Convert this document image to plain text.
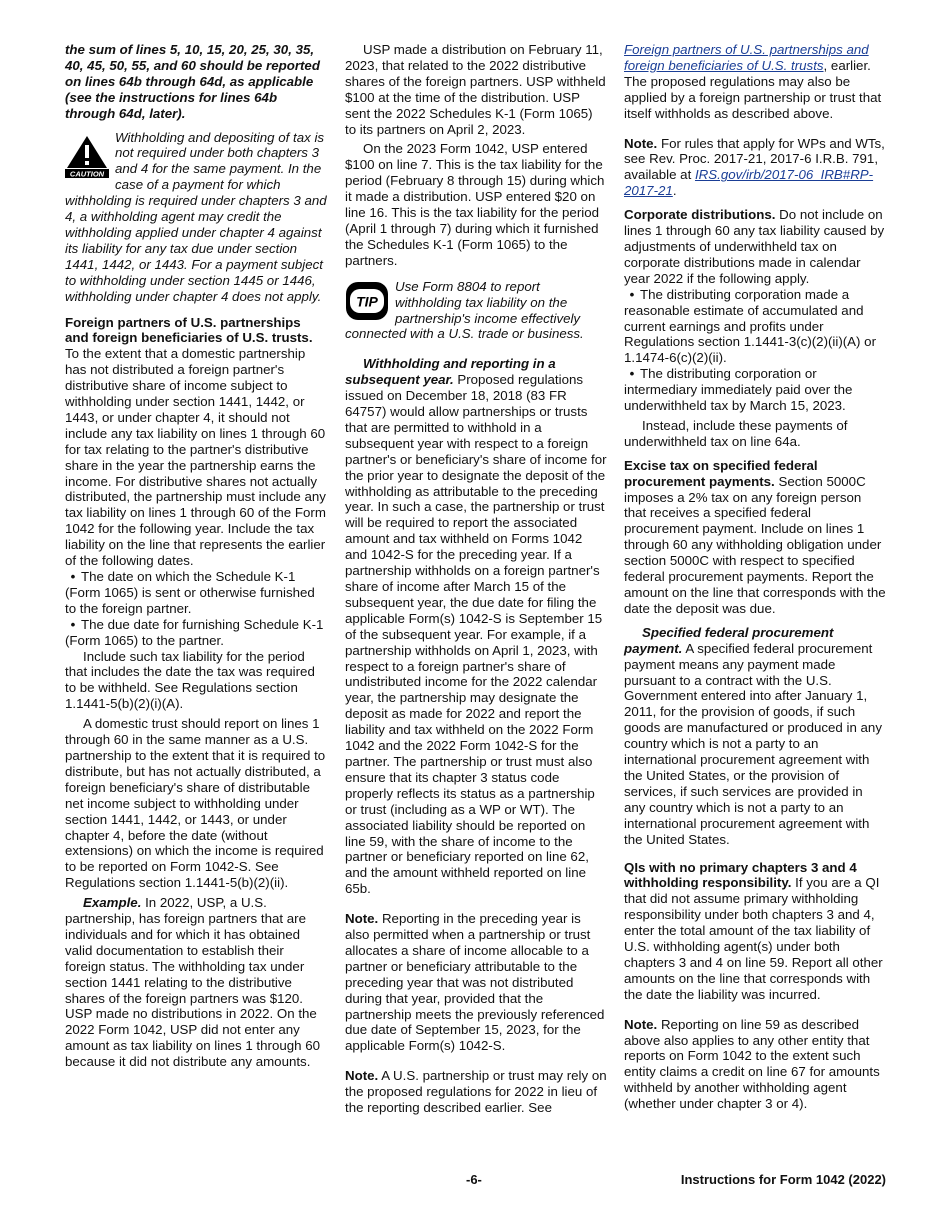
the sum of lines 5, 10, 15, 20, 25, 30, 35, 40, 45, 50, 55, and 60 should be reported on lines 64b through 64d, as applicable (see the instructions for lines 64b through 64d, later).

CAUTION
Withholding and depositing of tax is not required under both chapters 3 and 4 for the same payment. In the case of a payment for which withholding is required under chapters 3 and 4, a withholding agent may credit the withholding applied under chapter 4 against its liability for any tax due under section 1441, 1442, or 1443. For a payment subject to withholding under section 1445 or 1446, withholding under chapter 4 does not apply.

Foreign partners of U.S. partnerships and foreign beneficiaries of U.S. trusts. To the extent that a domestic partnership has not distributed a foreign partner's distributive share of income subject to withholding under section 1441, 1442, or 1443, or under chapter 4, it should not include any tax liability on lines 1 through 60 for tax relating to the partner's distributive share in the year the partnership earns the income. For distributive shares not actually distributed, the partnership must include any tax liability on lines 1 through 60 of the Form 1042 for the following year. Include the tax liability on the line that represents the earlier of the following dates.

• The date on which the Schedule K-1 (Form 1065) is sent or otherwise furnished to the foreign partner.

• The due date for furnishing Schedule K-1 (Form 1065) to the partner.

Include such tax liability for the period that includes the date the tax was required to be withheld. See Regulations section 1.1441-5(b)(2)(i)(A).

A domestic trust should report on lines 1 through 60 in the same manner as a U.S. partnership to the extent that it is required to distribute, but has not actually distributed, a foreign beneficiary's share of distributable net income subject to withholding under section 1441, 1442, or 1443, or under chapter 4, before the date (without extensions) on which the income is required to be reported on Form 1042-S. See Regulations section 1.1441-5(b)(2)(ii).

Example. In 2022, USP, a U.S. partnership, has foreign partners that are individuals and for which it has obtained valid documentation to establish their foreign status. The withholding tax under section 1441 relating to the distributive shares of the foreign partners was $120. USP made no distributions in 2022. On the 2022 Form 1042, USP did not enter any amount as tax liability on lines 1 through 60 because it did not distribute any amounts.

USP made a distribution on February 11, 2023, that related to the 2022 distributive shares of the foreign partners. USP withheld $100 at the time of the distribution. USP sent the 2022 Schedules K-1 (Form 1065) to its partners on April 2, 2023.

On the 2023 Form 1042, USP entered $100 on line 7. This is the tax liability for the period (February 8 through 15) during which it made a distribution. USP entered $20 on line 16. This is the tax liability for the period (April 1 through 7) during which it furnished the Schedules K-1 (Form 1065) to the partners.

TIP
Use Form 8804 to report withholding tax liability on the partnership's income effectively connected with a U.S. trade or business.

Withholding and reporting in a subsequent year. Proposed regulations issued on December 18, 2018 (83 FR 64757) would allow partnerships or trusts that are permitted to withhold in a subsequent year with respect to a foreign partner's or beneficiary's share of income for the prior year to designate the deposit of the withholding as attributable to the preceding year. In such a case, the partnership or trust will be required to report the associated amount and tax withheld on Forms 1042 and 1042-S for the preceding year. If a partnership withholds on a foreign partner's share of income after March 15 of the subsequent year, the due date for filing the applicable Form(s) 1042-S is September 15 of the subsequent year. For example, if a partnership withholds on April 1, 2023, with respect to a foreign partner's share of undistributed income for the 2022 calendar year, the partnership may designate the deposit as made for 2022 and report the liability and tax withheld on the 2022 Form 1042 and the 2022 Form 1042-S for the partner. The partnership or trust must also ensure that its chapter 3 status code properly reflects its status as a partnership or trust (including as a WP or WT). The associated liability should be reported on line 59, with the share of income to the partner or beneficiary reported on line 62, and the amount withheld reported on line 65b.

Note. Reporting in the preceding year is also permitted when a partnership or trust allocates a share of income allocable to a partner or beneficiary attributable to the preceding year that was not distributed during that year, provided that the partnership meets the previously referenced due date of September 15, 2023, for the applicable Form(s) 1042-S.

Note. A U.S. partnership or trust may rely on the proposed regulations for 2022 in lieu of the reporting described earlier. See

Foreign partners of U.S. partnerships and foreign beneficiaries of U.S. trusts, earlier. The proposed regulations may also be applied by a foreign partnership or trust that itself withholds as described above.

Note. For rules that apply for WPs and WTs, see Rev. Proc. 2017-21, 2017-6 I.R.B. 791, available at IRS.gov/irb/2017-06_IRB#RP-2017-21.

Corporate distributions. Do not include on lines 1 through 60 any tax liability caused by adjustments of underwithheld tax on corporate distributions made in calendar year 2022 if the following apply.

• The distributing corporation made a reasonable estimate of accumulated and current earnings and profits under Regulations section 1.1441-3(c)(2)(ii)(A) or 1.1474-6(c)(2)(ii).

• The distributing corporation or intermediary immediately paid over the underwithheld tax by March 15, 2023.

Instead, include these payments of underwithheld tax on line 64a.

Excise tax on specified federal procurement payments. Section 5000C imposes a 2% tax on any foreign person that receives a specified federal procurement payment. Include on lines 1 through 60 any withholding obligation under section 5000C with respect to specified federal procurement payments. Report the amount on the line that corresponds with the date the deposit was due.

Specified federal procurement payment. A specified federal procurement payment means any payment made pursuant to a contract with the U.S. Government entered into after January 1, 2011, for the provision of goods, if such goods are manufactured or produced in any country which is not a party to an international procurement agreement with the United States, or the provision of services, if such services are provided in any country which is not a party to an international procurement agreement with the United States.

QIs with no primary chapters 3 and 4 withholding responsibility. If you are a QI that did not assume primary withholding responsibility under both chapters 3 and 4, enter the total amount of the tax liability of U.S. withholding agent(s) under both chapters 3 and 4 on line 59. Report all other amounts on the line that corresponds with the date the liability was incurred.

Note. Reporting on line 59 as described above also applies to any other entity that reports on Form 1042 to the extent such entity claims a credit on line 67 for amounts withheld by another withholding agent (whether under chapter 3 or 4).

-6-	Instructions for Form 1042 (2022)
